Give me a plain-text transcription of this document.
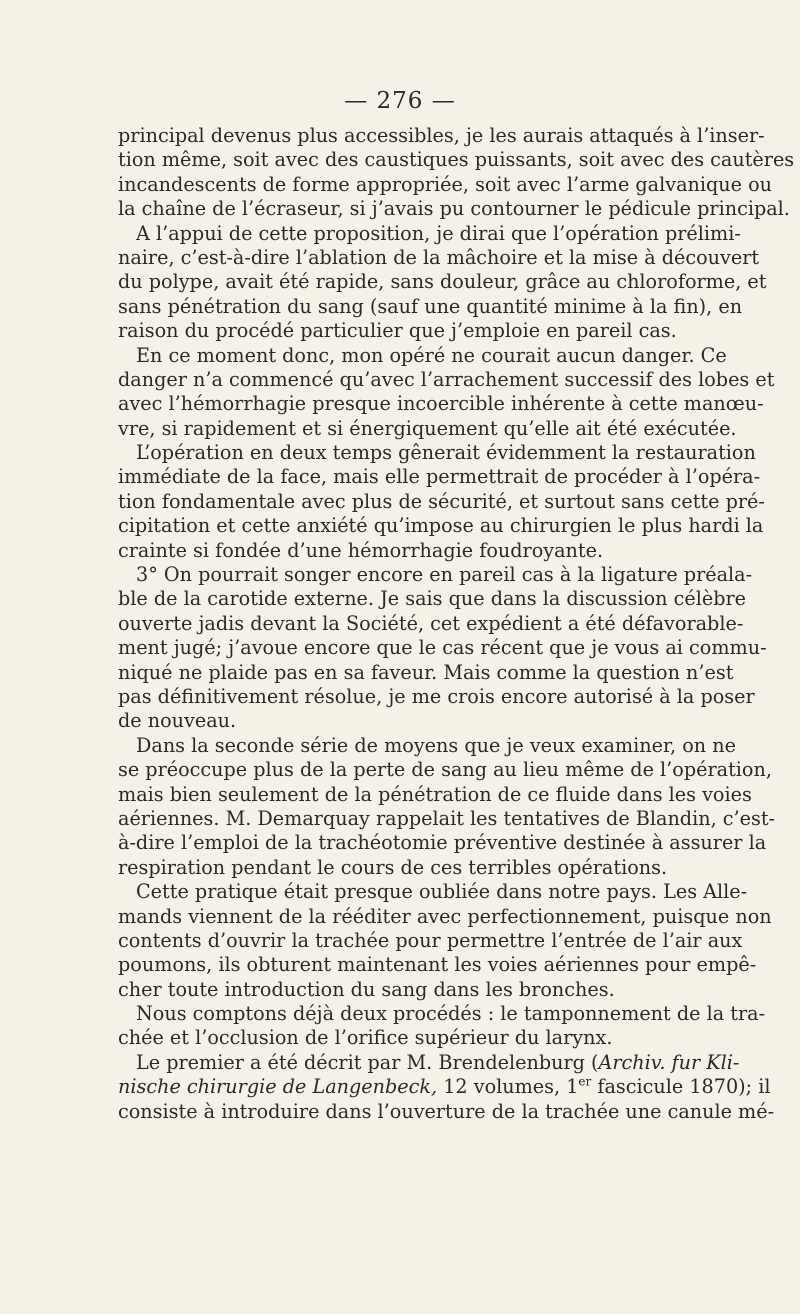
— 276 —
principal devenus plus accessibles, je les aurais attaqués à l’inser-
tion même, soit avec des caustiques puissants, soit avec des cautères
incandescents de forme appropriée, soit avec l’arme galvanique ou
la chaîne de l’écraseur, si j’avais pu contourner le pédicule principal.
A l’appui de cette proposition, je dirai que l’opération prélimi-
naire, c’est-à-dire l’ablation de la mâchoire et la mise à découvert
du polype, avait été rapide, sans douleur, grâce au chloroforme, et
sans pénétration du sang (sauf une quantité minime à la fin), en
raison du procédé particulier que j’emploie en pareil cas.
En ce moment donc, mon opéré ne courait aucun danger. Ce
danger n’a commencé qu’avec l’arrachement successif des lobes et
avec l’hémorrhagie presque incoercible inhérente à cette manœu-
vre, si rapidement et si énergiquement qu’elle ait été exécutée.
L’opération en deux temps gênerait évidemment la restauration
immédiate de la face, mais elle permettrait de procéder à l’opéra-
tion fondamentale avec plus de sécurité, et surtout sans cette pré-
cipitation et cette anxiété qu’impose au chirurgien le plus hardi la
crainte si fondée d’une hémorrhagie foudroyante.
3° On pourrait songer encore en pareil cas à la ligature préala-
ble de la carotide externe. Je sais que dans la discussion célèbre
ouverte jadis devant la Société, cet expédient a été défavorable-
ment jugé; j’avoue encore que le cas récent que je vous ai commu-
niqué ne plaide pas en sa faveur. Mais comme la question n’est
pas définitivement résolue, je me crois encore autorisé à la poser
de nouveau.
Dans la seconde série de moyens que je veux examiner, on ne
se préoccupe plus de la perte de sang au lieu même de l’opération,
mais bien seulement de la pénétration de ce fluide dans les voies
aériennes. M. Demarquay rappelait les tentatives de Blandin, c’est-
à-dire l’emploi de la trachéotomie préventive destinée à assurer la
respiration pendant le cours de ces terribles opérations.
Cette pratique était presque oubliée dans notre pays. Les Alle-
mands viennent de la rééditer avec perfectionnement, puisque non
contents d’ouvrir la trachée pour permettre l’entrée de l’air aux
poumons, ils obturent maintenant les voies aériennes pour empê-
cher toute introduction du sang dans les bronches.
Nous comptons déjà deux procédés : le tamponnement de la tra-
chée et l’occlusion de l’orifice supérieur du larynx.
Le premier a été décrit par M. Brendelenburg (Archiv. fur Kli-
nische chirurgie de Langenbeck, 12 volumes, 1er fascicule 1870); il
consiste à introduire dans l’ouverture de la trachée une canule mé-
